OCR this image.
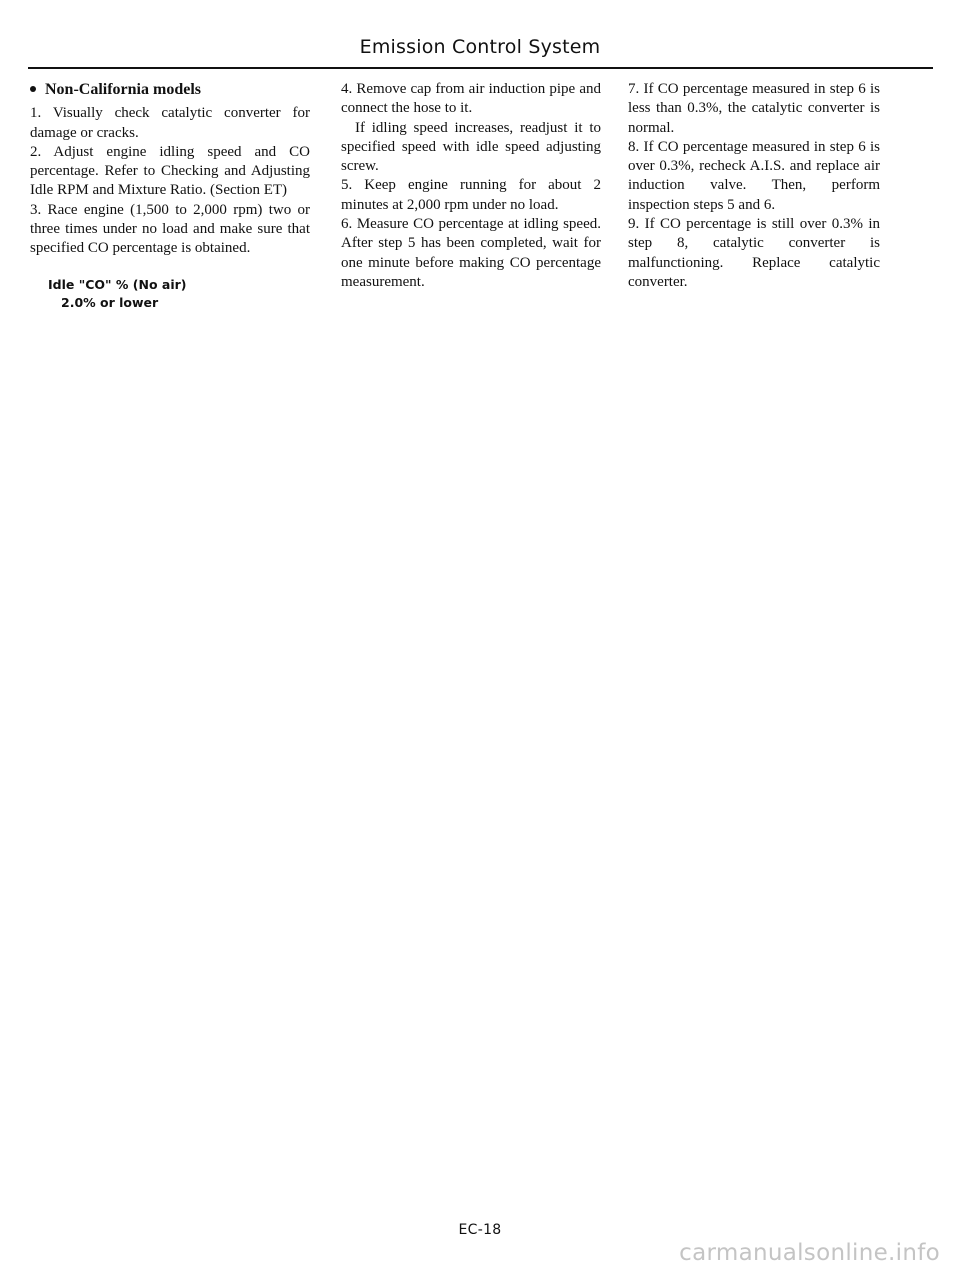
Emission Control System

Non-California models

1. Visually check catalytic converter for damage or cracks.

2. Adjust engine idling speed and CO percentage. Refer to Checking and Adjusting Idle RPM and Mixture Ratio. (Section ET)

3. Race engine (1,500 to 2,000 rpm) two or three times under no load and make sure that specified CO percentage is obtained.

Idle "CO" % (No air)
2.0% or lower

4. Remove cap from air induction pipe and connect the hose to it.

If idling speed increases, readjust it to specified speed with idle speed adjusting screw.

5. Keep engine running for about 2 minutes at 2,000 rpm under no load.

6. Measure CO percentage at idling speed. After step 5 has been completed, wait for one minute before making CO percentage measurement.

7. If CO percentage measured in step 6 is less than 0.3%, the catalytic converter is normal.

8. If CO percentage measured in step 6 is over 0.3%, recheck A.I.S. and replace air induction valve. Then, perform inspection steps 5 and 6.

9. If CO percentage is still over 0.3% in step 8, catalytic converter is malfunctioning. Replace catalytic converter.

EC-18
carmanualsonline.info
